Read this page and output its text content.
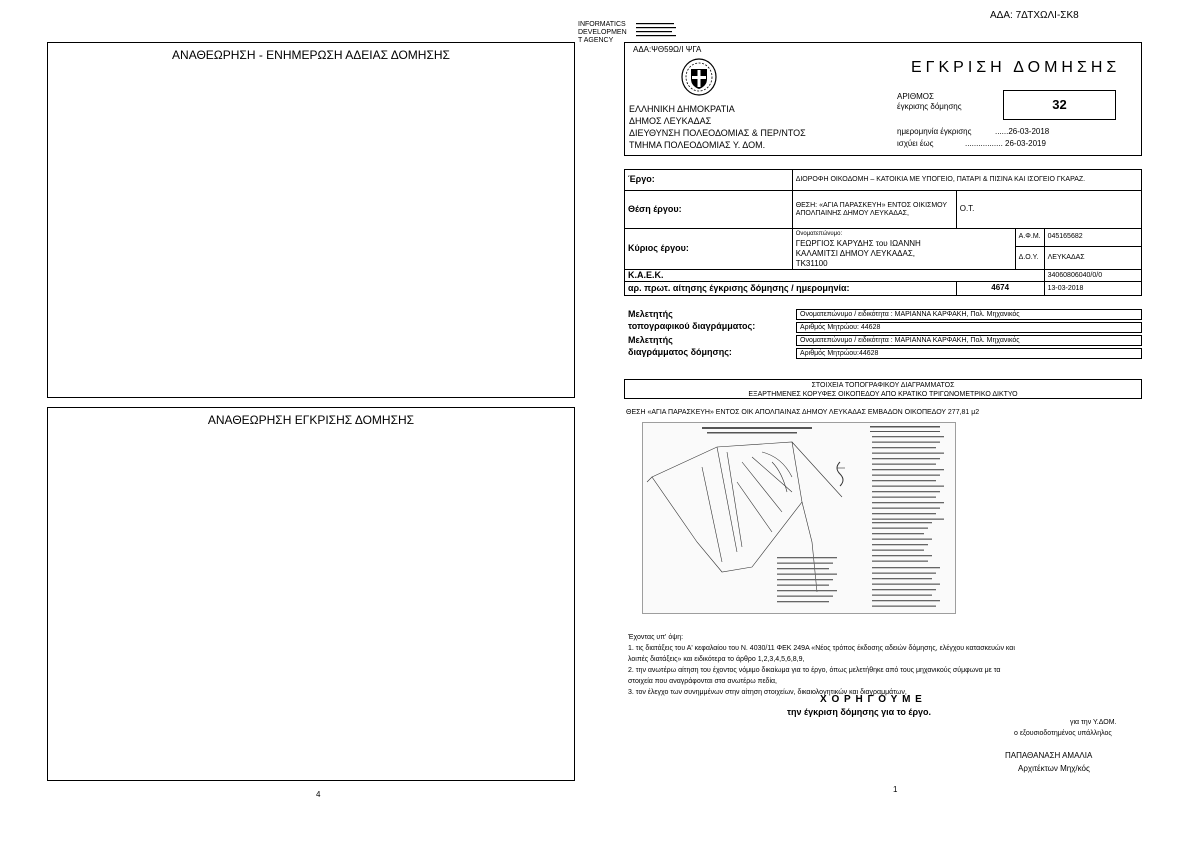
ΑΔΑ: 7ΔΤΧΩΛΙ-ΣΚ8
INFORMATICS
DEVELOPMEN
T AGENCY
ΑΝΑΘΕΩΡΗΣΗ - ΕΝΗΜΕΡΩΣΗ ΑΔΕΙΑΣ ΔΟΜΗΣΗΣ
ΑΝΑΘΕΩΡΗΣΗ ΕΓΚΡΙΣΗΣ ΔΟΜΗΣΗΣ
4
ΑΔΑ:ΨΘ59Ω/Ι ΨΓΑ
ΕΛΛΗΝΙΚΗ ΔΗΜΟΚΡΑΤΙΑ
ΔΗΜΟΣ ΛΕΥΚΑΔΑΣ
ΔΙΕΥΘΥΝΣΗ ΠΟΛΕΟΔΟΜΙΑΣ & ΠΕΡ/ΝΤΟΣ
ΤΜΗΜΑ ΠΟΛΕΟΔΟΜΙΑΣ Υ. ΔΟΜ.
ΕΓΚΡΙΣΗ ΔΟΜΗΣΗΣ
ΑΡΙΘΜΟΣ
έγκρισης δόμησης	32
ημερομηνία έγκρισης	......26-03-2018
ισχύει έως	................. 26-03-2019
Έργο:	ΔΙΟΡΟΦΗ ΟΙΚΟΔΟΜΗ – ΚΑΤΟΙΚΙΑ ΜΕ ΥΠΟΓΕΙΟ, ΠΑΤΑΡΙ & ΠΙΣΙΝΑ ΚΑΙ ΙΣΟΓΕΙΟ ΓΚΑΡΑΖ.			
Θέση έργου:	ΘΕΣΗ: «ΑΓΙΑ ΠΑΡΑΣΚΕΥΗ» ΕΝΤΟΣ ΟΙΚΙΣΜΟΥ ΑΠΟΛΠΑΙΝΗΣ ΔΗΜΟΥ ΛΕΥΚΑΔΑΣ,	Ο.Τ.		
Κύριος έργου:	Ονοματεπώνυμο:
ΓΕΩΡΓΙΟΣ ΚΑΡΥΔΗΣ του ΙΩΑΝΝΗ
ΚΑΛΑΜΙΤΣΙ ΔΗΜΟΥ ΛΕΥΚΑΔΑΣ,
ΤΚ31100		Α.Φ.Μ.	045165682
			Δ.Ο.Υ.	ΛΕΥΚΑΔΑΣ
Κ.Α.Ε.Κ.				34060806040/0/0
αρ. πρωτ. αίτησης έγκρισης δόμησης / ημερομηνία:		4674		13-03-2018
Μελετητής
τοπογραφικού διαγράμματος:
Ονοματεπώνυμο / ειδικότητα : ΜΑΡΙΑΝΝΑ ΚΑΡΦΑΚΗ, Πολ. Μηχανικός
Αριθμός Μητρώου: 44628
Μελετητής
διαγράμματος δόμησης:
Ονοματεπώνυμο / ειδικότητα : ΜΑΡΙΑΝΝΑ ΚΑΡΦΑΚΗ, Πολ. Μηχανικός
Αριθμός Μητρώου:44628
ΣΤΟΙΧΕΙΑ ΤΟΠΟΓΡΑΦΙΚΟΥ ΔΙΑΓΡΑΜΜΑΤΟΣ
ΕΞΑΡΤΗΜΕΝΕΣ ΚΟΡΥΦΕΣ ΟΙΚΟΠΕΔΟΥ ΑΠΟ ΚΡΑΤΙΚΟ ΤΡΙΓΩΝΟΜΕΤΡΙΚΟ ΔΙΚΤΥΟ
ΘΕΣΗ «ΑΓΙΑ ΠΑΡΑΣΚΕΥΗ» ΕΝΤΟΣ ΟΙΚ ΑΠΟΛΠΑΙΝΑΣ ΔΗΜΟΥ ΛΕΥΚΑΔΑΣ ΕΜΒΑΔΟΝ ΟΙΚΟΠΕΔΟΥ 277,81 μ2
Έχοντας υπ' όψη:
1. τις διατάξεις του Α' κεφαλαίου του Ν. 4030/11 ΦΕΚ 249Α «Νέος τρόπος έκδοσης αδειών δόμησης, ελέγχου κατασκευών και
λοιπές διατάξεις» και ειδικότερα το άρθρο 1,2,3,4,5,6,8,9,
2. την ανωτέρω αίτηση του έχοντος νόμιμο δικαίωμα για το έργο, όπως μελετήθηκε από τους μηχανικούς σύμφωνα με τα
στοιχεία που αναγράφονται στα ανωτέρω πεδία,
3. τον έλεγχο των συνημμένων στην αίτηση στοιχείων, δικαιολογητικών και διαγραμμάτων,
Χ Ο Ρ Η Γ Ο Υ Μ Ε
την έγκριση δόμησης για το έργο.
για την Υ.ΔΟΜ.
ο εξουσιοδοτημένος υπάλληλος
ΠΑΠΑΘΑΝΑΣΗ ΑΜΑΛΙΑ
Αρχιτέκτων Μηχ/κός
1
